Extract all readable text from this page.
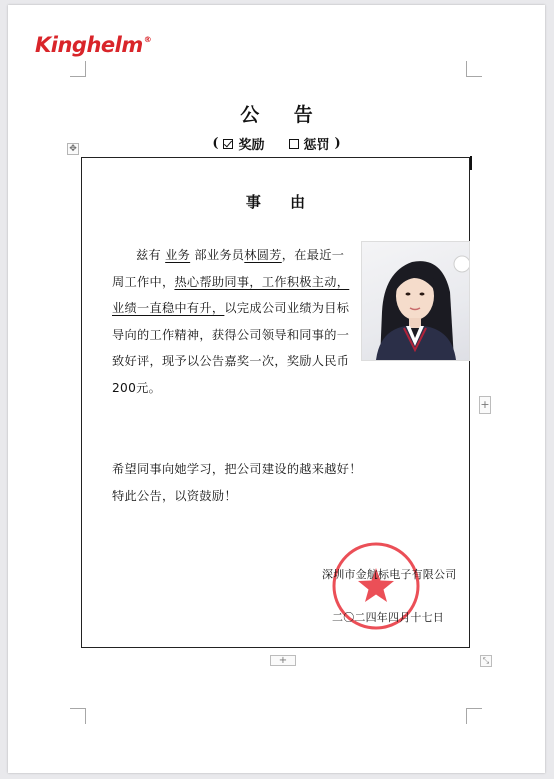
Kinghelm®
公 告
( 奖励	惩罚 )
✥
事 由
兹有 业务 部业务员林圆芳，在最近一周工作中，热心帮助同事，工作积极主动，业绩一直稳中有升，以完成公司业绩为目标导向的工作精神，获得公司领导和同事的一致好评，现予以公告嘉奖一次，奖励人民币 200元。
希望同事向她学习，把公司建设的越来越好！
特此公告，以资鼓励！
深圳市金航标电子有限公司
二〇二四年四月十七日
+
+	⤡
